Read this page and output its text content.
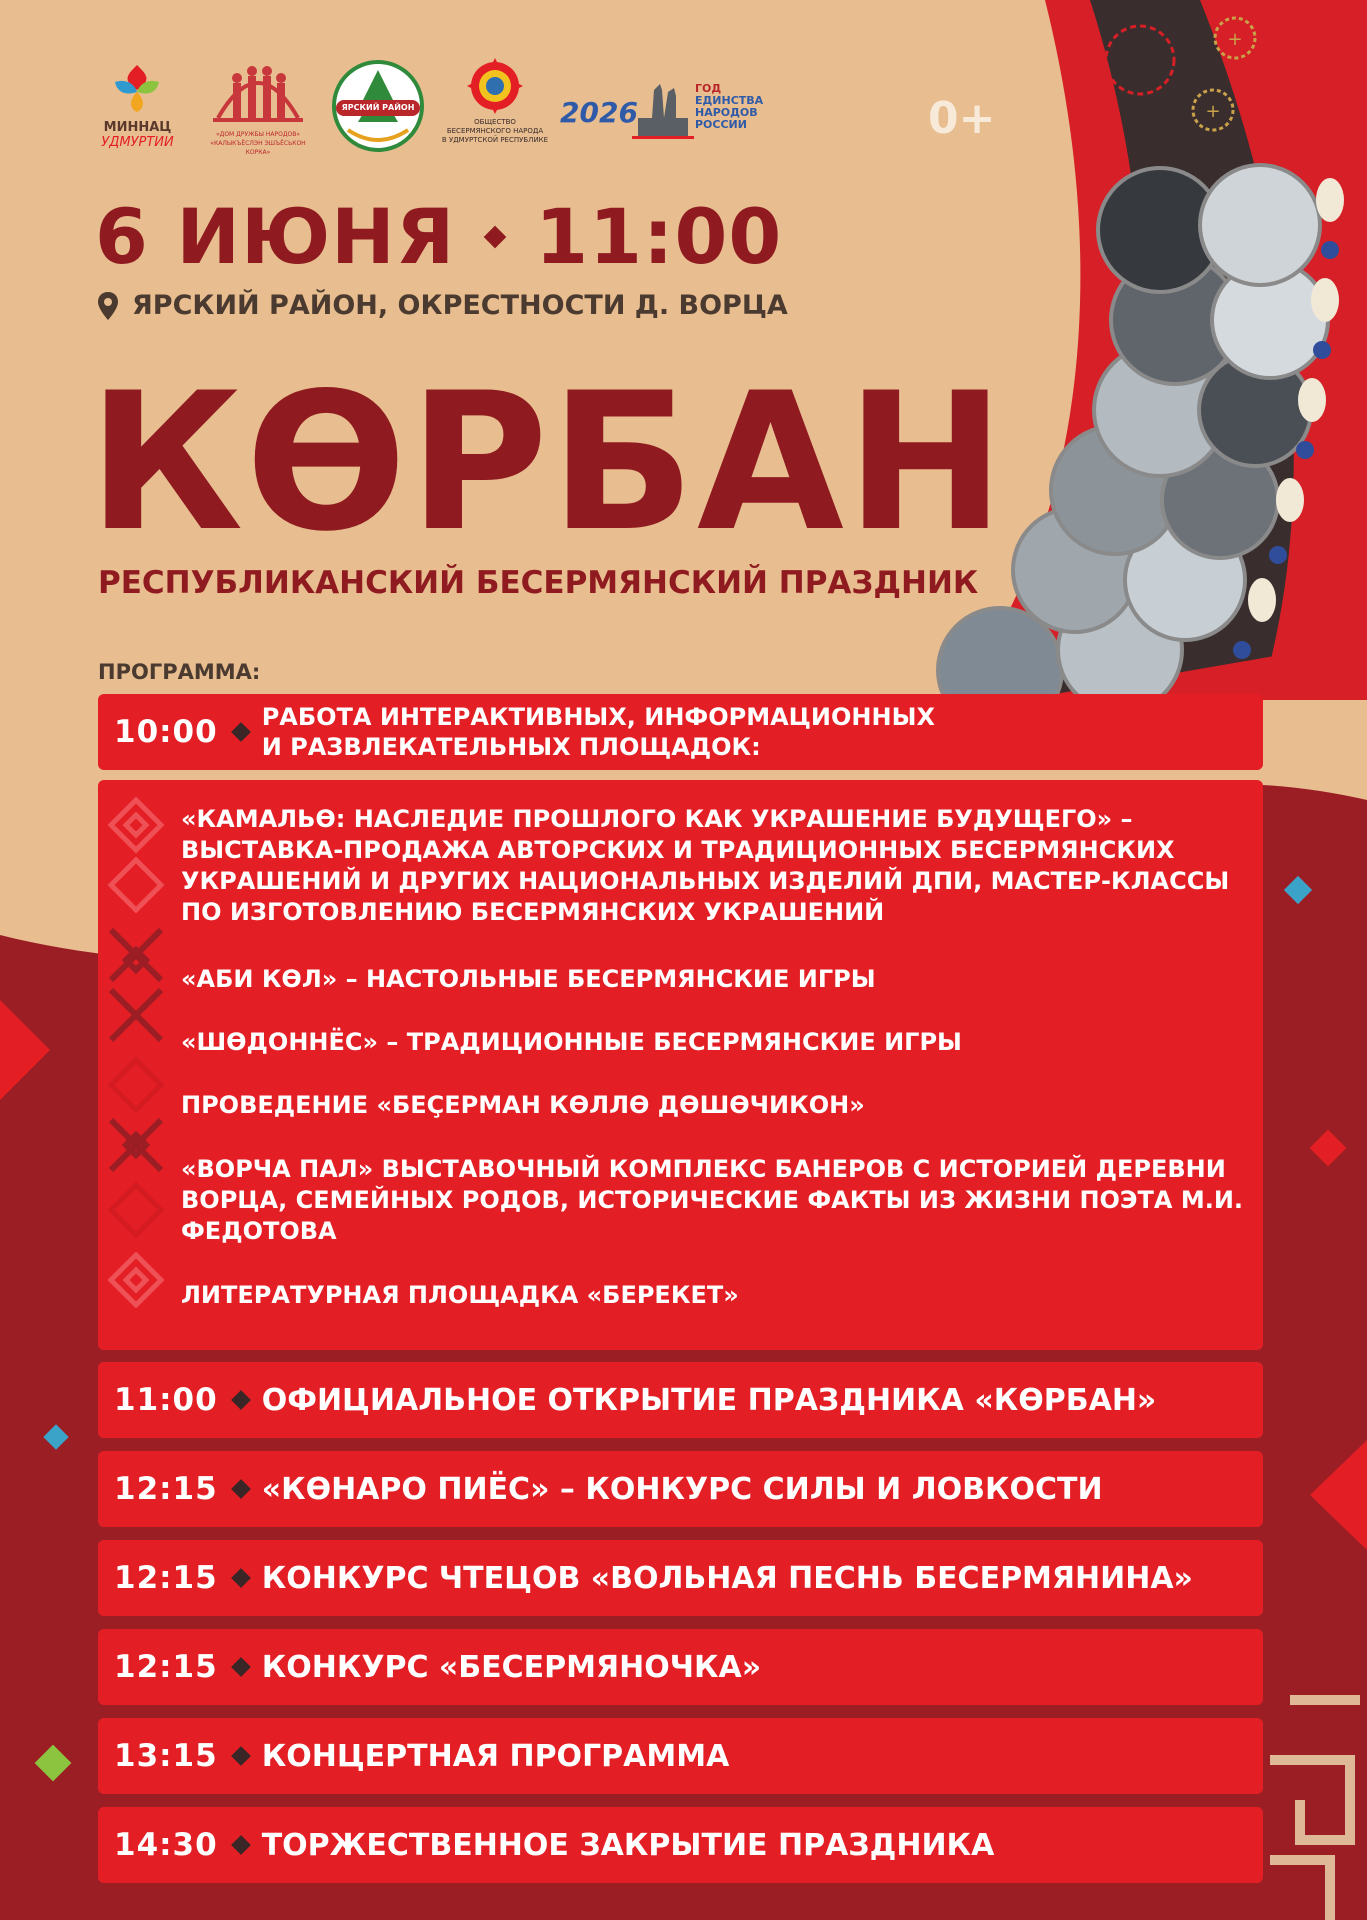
+
+
МИННАЦ
УДМУРТИИ
«ДОМ ДРУЖБЫ НАРОДОВ»
«КАЛЫКЪЁСЛЭН ЭШЪЁСЬКОН КОРКА»
ЯРСКИЙ РАЙОН
ОБЩЕСТВО
БЕСЕРМЯНСКОГО НАРОДА
В УДМУРТСКОЙ РЕСПУБЛИКЕ
2026
ГОД
ЕДИНСТВА
НАРОДОВ
РОССИИ	0+
6 ИЮНЯ 11:00
ЯРСКИЙ РАЙОН, ОКРЕСТНОСТИ Д. ВОРЦА
КӨРБАН
РЕСПУБЛИКАНСКИЙ БЕСЕРМЯНСКИЙ ПРАЗДНИК
ПРОГРАММА:
10:00 РАБОТА ИНТЕРАКТИВНЫХ, ИНФОРМАЦИОННЫХ
И РАЗВЛЕКАТЕЛЬНЫХ ПЛОЩАДОК:
«КАМАЛЬӨ: НАСЛЕДИЕ ПРОШЛОГО КАК УКРАШЕНИЕ БУДУЩЕГО» – ВЫСТАВКА-ПРОДАЖА АВТОРСКИХ И ТРАДИЦИОННЫХ БЕСЕРМЯНСКИХ УКРАШЕНИЙ И ДРУГИХ НАЦИОНАЛЬНЫХ ИЗДЕЛИЙ ДПИ, МАСТЕР-КЛАССЫ ПО ИЗГОТОВЛЕНИЮ БЕСЕРМЯНСКИХ УКРАШЕНИЙ
«АБИ КӨЛ» – НАСТОЛЬНЫЕ БЕСЕРМЯНСКИЕ ИГРЫ
«ШӨДОННЁС» – ТРАДИЦИОННЫЕ БЕСЕРМЯНСКИЕ ИГРЫ
ПРОВЕДЕНИЕ «БЕҪЕРМАН КӨЛЛӨ ДӨШӨЧИКОН»
«ВОРЧА ПАЛ» ВЫСТАВОЧНЫЙ КОМПЛЕКС БАНЕРОВ С ИСТОРИЕЙ ДЕРЕВНИ ВОРЦА, СЕМЕЙНЫХ РОДОВ, ИСТОРИЧЕСКИЕ ФАКТЫ ИЗ ЖИЗНИ ПОЭТА М.И. ФЕДОТОВА
ЛИТЕРАТУРНАЯ ПЛОЩАДКА «БЕРЕКЕТ»
11:00 ОФИЦИАЛЬНОЕ ОТКРЫТИЕ ПРАЗДНИКА «КӨРБАН»
12:15 «КӨНАРО ПИЁС» – КОНКУРС СИЛЫ И ЛОВКОСТИ
12:15 КОНКУРС ЧТЕЦОВ «ВОЛЬНАЯ ПЕСНЬ БЕСЕРМЯНИНА»
12:15 КОНКУРС «БЕСЕРМЯНОЧКА»
13:15 КОНЦЕРТНАЯ ПРОГРАММА
14:30 ТОРЖЕСТВЕННОЕ ЗАКРЫТИЕ ПРАЗДНИКА
